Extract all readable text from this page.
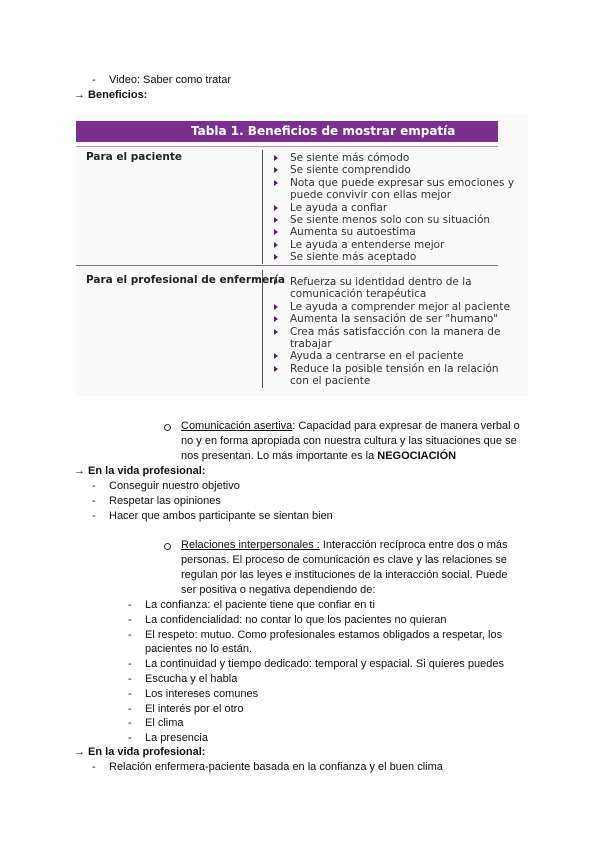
- Video: Saber como tratar
→ Beneficios:
Tabla 1. Beneficios de mostrar empatía
Para el paciente	Se siente más cómodo
Se siente comprendido
Nota que puede expresar sus emociones y
puede convivir con ellas mejor
Le ayuda a confiar
Se siente menos solo con su situación
Aumenta su autoestima
Le ayuda a entenderse mejor
Se siente más aceptado
Para el profesional de enfermería Refuerza su identidad dentro de la
comunicación terapéutica
Le ayuda a comprender mejor al paciente
Aumenta la sensación de ser "humano"
Crea más satisfacción con la manera de
trabajar
Ayuda a centrarse en el paciente
Reduce la posible tensión en la relación
con el paciente
Comunicación asertiva: Capacidad para expresar de manera verbal o
no y en forma apropiada con nuestra cultura y las situaciones que se
nos presentan. Lo más importante es la NEGOCIACIÓN
→ En la vida profesional:
- Conseguir nuestro objetivo
- Respetar las opiniones
- Hacer que ambos participante se sientan bien
Relaciones interpersonales : Interacción recíproca entre dos o más
personas. El proceso de comunicación es clave y las relaciones se
regulan por las leyes e instituciones de la interacción social. Puede
ser positiva o negativa dependiendo de:
- La confianza: el paciente tiene que confiar en ti
- La confidencialidad: no contar lo que los pacientes no quieran
- El respeto: mutuo. Como profesionales estamos obligados a respetar, los
pacientes no lo están.
- La continuidad y tiempo dedicado: temporal y espacial. Si quieres puedes
- Escucha y el habla
- Los intereses comunes
- El interés por el otro
- El clima
- La presencia
→ En la vida profesional:
- Relación enfermera-paciente basada en la confianza y el buen clima
